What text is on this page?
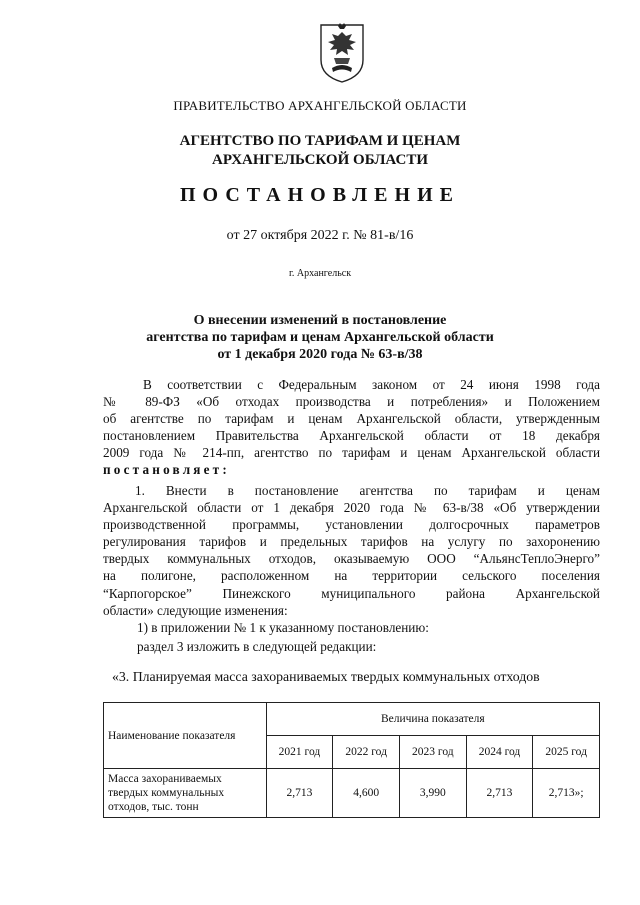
ПРАВИТЕЛЬСТВО АРХАНГЕЛЬСКОЙ ОБЛАСТИ
АГЕНТСТВО ПО ТАРИФАМ И ЦЕНАМ
АРХАНГЕЛЬСКОЙ ОБЛАСТИ
ПОСТАНОВЛЕНИЕ
от 27 октября 2022 г. № 81-в/16
г. Архангельск
О внесении изменений в постановление
агентства по тарифам и ценам Архангельской области
от 1 декабря 2020 года № 63-в/38
В соответствии с Федеральным законом от 24 июня 1998 года
№ 89-ФЗ «Об отходах производства и потребления» и Положением
об агентстве по тарифам и ценам Архангельской области, утвержденным
постановлением Правительства Архангельской области от 18 декабря
2009 года № 214-пп, агентство по тарифам и ценам Архангельской области
постановляет:
1. Внести в постановление агентства по тарифам и ценам
Архангельской области от 1 декабря 2020 года № 63-в/38 «Об утверждении
производственной программы, установлении долгосрочных параметров
регулирования тарифов и предельных тарифов на услугу по захоронению
твердых коммунальных отходов, оказываемую ООО “АльянсТеплоЭнерго”
на полигоне, расположенном на территории сельского поселения
“Карпогорское” Пинежского муниципального района Архангельской
области» следующие изменения:
1) в приложении № 1 к указанному постановлению:
раздел 3 изложить в следующей редакции:
«3. Планируемая масса захораниваемых твердых коммунальных отходов
Наименование показателя	Величина показателя				
	2021 год	2022 год	2023 год	2024 год	2025 год
Масса захораниваемых твердых коммунальных отходов, тыс. тонн	2,713	4,600	3,990	2,713	2,713»;
